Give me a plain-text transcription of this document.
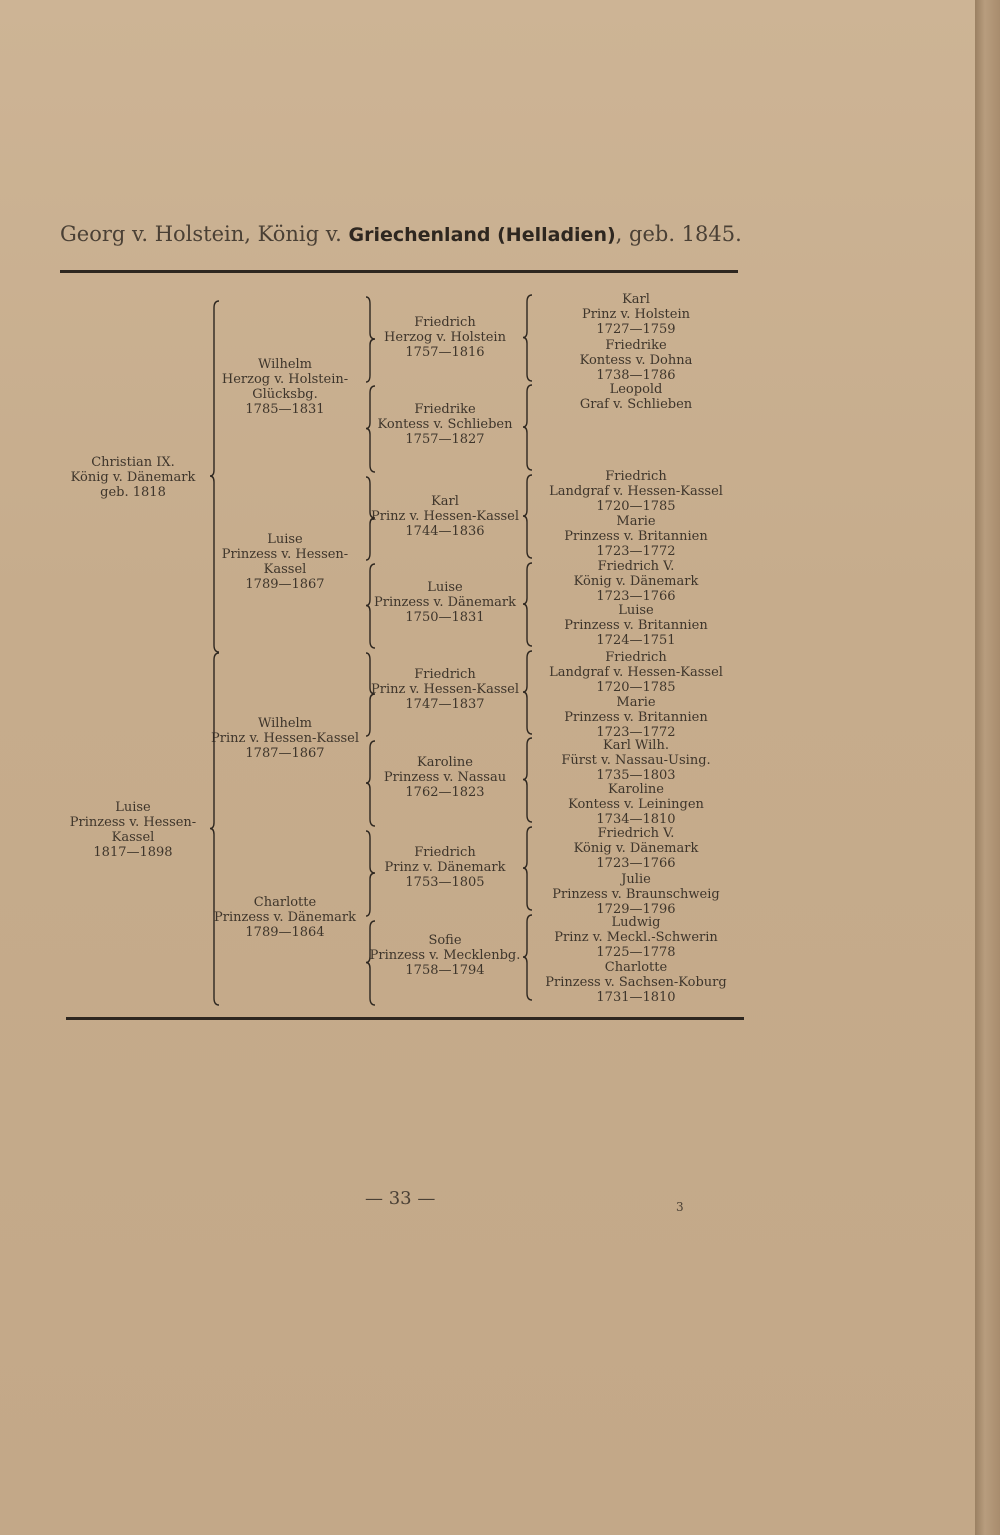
Georg v. Holstein, König v. Griechenland (Helladien), geb. 1845.
Christian IX.
König v. Dänemark
geb. 1818
Luise
Prinzess v. Hessen-
Kassel
1817—1898
Wilhelm
Herzog v. Holstein-
Glücksbg.
1785—1831
Luise
Prinzess v. Hessen-
Kassel
1789—1867
Wilhelm
Prinz v. Hessen-Kassel
1787—1867
Charlotte
Prinzess v. Dänemark
1789—1864
Friedrich
Herzog v. Holstein
1757—1816
Friedrike
Kontess v. Schlieben
1757—1827
Karl
Prinz v. Hessen-Kassel
1744—1836
Luise
Prinzess v. Dänemark
1750—1831
Friedrich
Prinz v. Hessen-Kassel
1747—1837
Karoline
Prinzess v. Nassau
1762—1823
Friedrich
Prinz v. Dänemark
1753—1805
Sofie
Prinzess v. Mecklenbg.
1758—1794
Karl
Prinz v. Holstein
1727—1759
Friedrike
Kontess v. Dohna
1738—1786
Leopold
Graf v. Schlieben
Friedrich
Landgraf v. Hessen-Kassel
1720—1785
Marie
Prinzess v. Britannien
1723—1772
Friedrich V.
König v. Dänemark
1723—1766
Luise
Prinzess v. Britannien
1724—1751
Friedrich
Landgraf v. Hessen-Kassel
1720—1785
Marie
Prinzess v. Britannien
1723—1772
Karl Wilh.
Fürst v. Nassau-Using.
1735—1803
Karoline
Kontess v. Leiningen
1734—1810
Friedrich V.
König v. Dänemark
1723—1766
Julie
Prinzess v. Braunschweig
1729—1796
Ludwig
Prinz v. Meckl.-Schwerin
1725—1778
Charlotte
Prinzess v. Sachsen-Koburg
1731—1810
— 33 —	3
